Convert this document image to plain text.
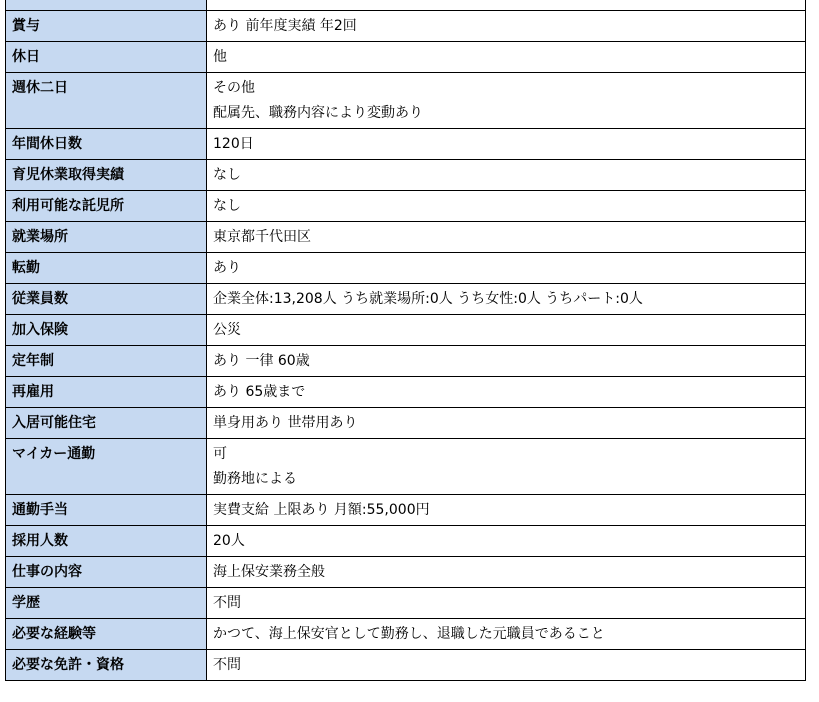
賞与	あり 前年度実績 年2回

休日	他

週休二日	その他
配属先、職務内容により変動あり

年間休日数	120日

育児休業取得実績	なし

利用可能な託児所	なし

就業場所	東京都千代田区

転勤	あり

従業員数	企業全体:13,208人 うち就業場所:0人 うち女性:0人 うちパート:0人

加入保険	公災

定年制	あり 一律 60歳

再雇用	あり 65歳まで

入居可能住宅	単身用あり 世帯用あり

マイカー通勤	可
勤務地による

通勤手当	実費支給 上限あり 月額:55,000円

採用人数	20人

仕事の内容	海上保安業務全般

学歴	不問

必要な経験等	かつて、海上保安官として勤務し、退職した元職員であること

必要な免許・資格	不問
